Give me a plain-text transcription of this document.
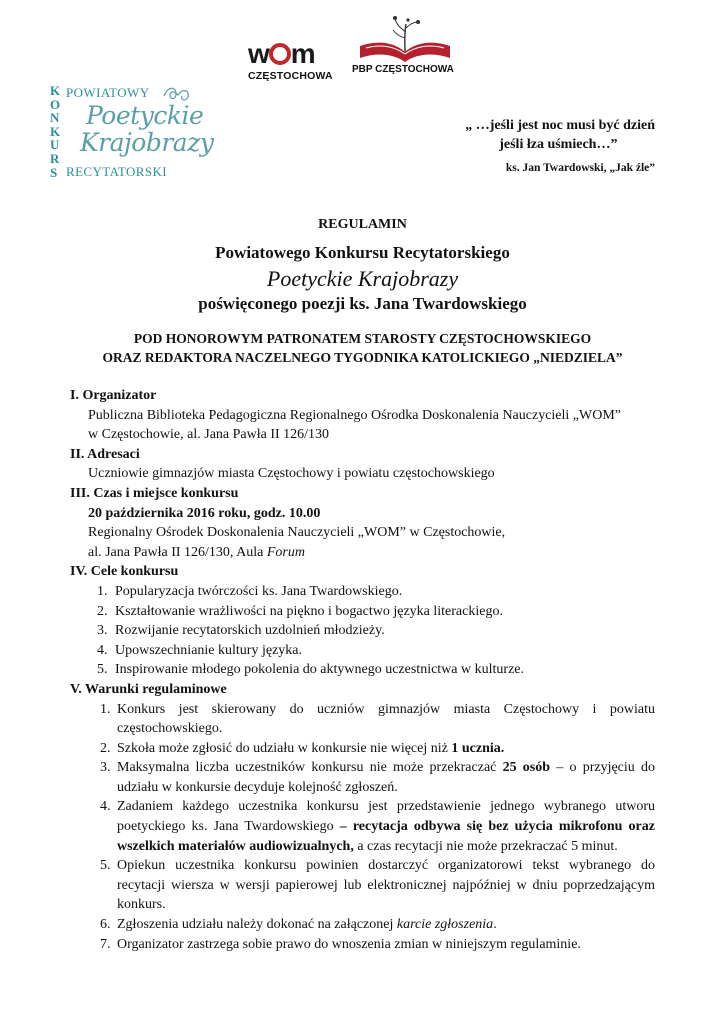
w m
CZĘSTOCHOWA
PBP CZĘSTOCHOWA
K
O
N
K
U
R
S
POWIATOWY
Poetyckie
Krajobrazy
RECYTATORSKI
„ …jeśli jest noc musi być dzień
jeśli łza uśmiech…”
ks. Jan Twardowski, „Jak źle”
REGULAMIN
Powiatowego Konkursu Recytatorskiego
Poetyckie Krajobrazy
poświęconego poezji ks. Jana Twardowskiego
POD HONOROWYM PATRONATEM STAROSTY CZĘSTOCHOWSKIEGO
ORAZ REDAKTORA NACZELNEGO TYGODNIKA KATOLICKIEGO „NIEDZIELA”
I. Organizator
Publiczna Biblioteka Pedagogiczna Regionalnego Ośrodka Doskonalenia Nauczycieli „WOM”
w Częstochowie, al. Jana Pawła II 126/130
II. Adresaci
Uczniowie gimnazjów miasta Częstochowy i powiatu częstochowskiego
III. Czas i miejsce konkursu
20 października 2016 roku, godz. 10.00
Regionalny Ośrodek Doskonalenia Nauczycieli „WOM” w Częstochowie,
al. Jana Pawła II 126/130, Aula Forum
IV. Cele konkursu
1. Popularyzacja twórczości ks. Jana Twardowskiego.
2. Kształtowanie wrażliwości na piękno i bogactwo języka literackiego.
3. Rozwijanie recytatorskich uzdolnień młodzieży.
4. Upowszechnianie kultury języka.
5. Inspirowanie młodego pokolenia do aktywnego uczestnictwa w kulturze.
V. Warunki regulaminowe
1. Konkurs jest skierowany do uczniów gimnazjów miasta Częstochowy i powiatu częstochowskiego.
2. Szkoła może zgłosić do udziału w konkursie nie więcej niż 1 ucznia.
3. Maksymalna liczba uczestników konkursu nie może przekraczać 25 osób – o przyjęciu do udziału w konkursie decyduje kolejność zgłoszeń.
4. Zadaniem każdego uczestnika konkursu jest przedstawienie jednego wybranego utworu poetyckiego ks. Jana Twardowskiego – recytacja odbywa się bez użycia mikrofonu oraz wszelkich materiałów audiowizualnych, a czas recytacji nie może przekraczać 5 minut.
5. Opiekun uczestnika konkursu powinien dostarczyć organizatorowi tekst wybranego do recytacji wiersza w wersji papierowej lub elektronicznej najpóźniej w dniu poprzedzającym konkurs.
6. Zgłoszenia udziału należy dokonać na załączonej karcie zgłoszenia.
7. Organizator zastrzega sobie prawo do wnoszenia zmian w niniejszym regulaminie.
